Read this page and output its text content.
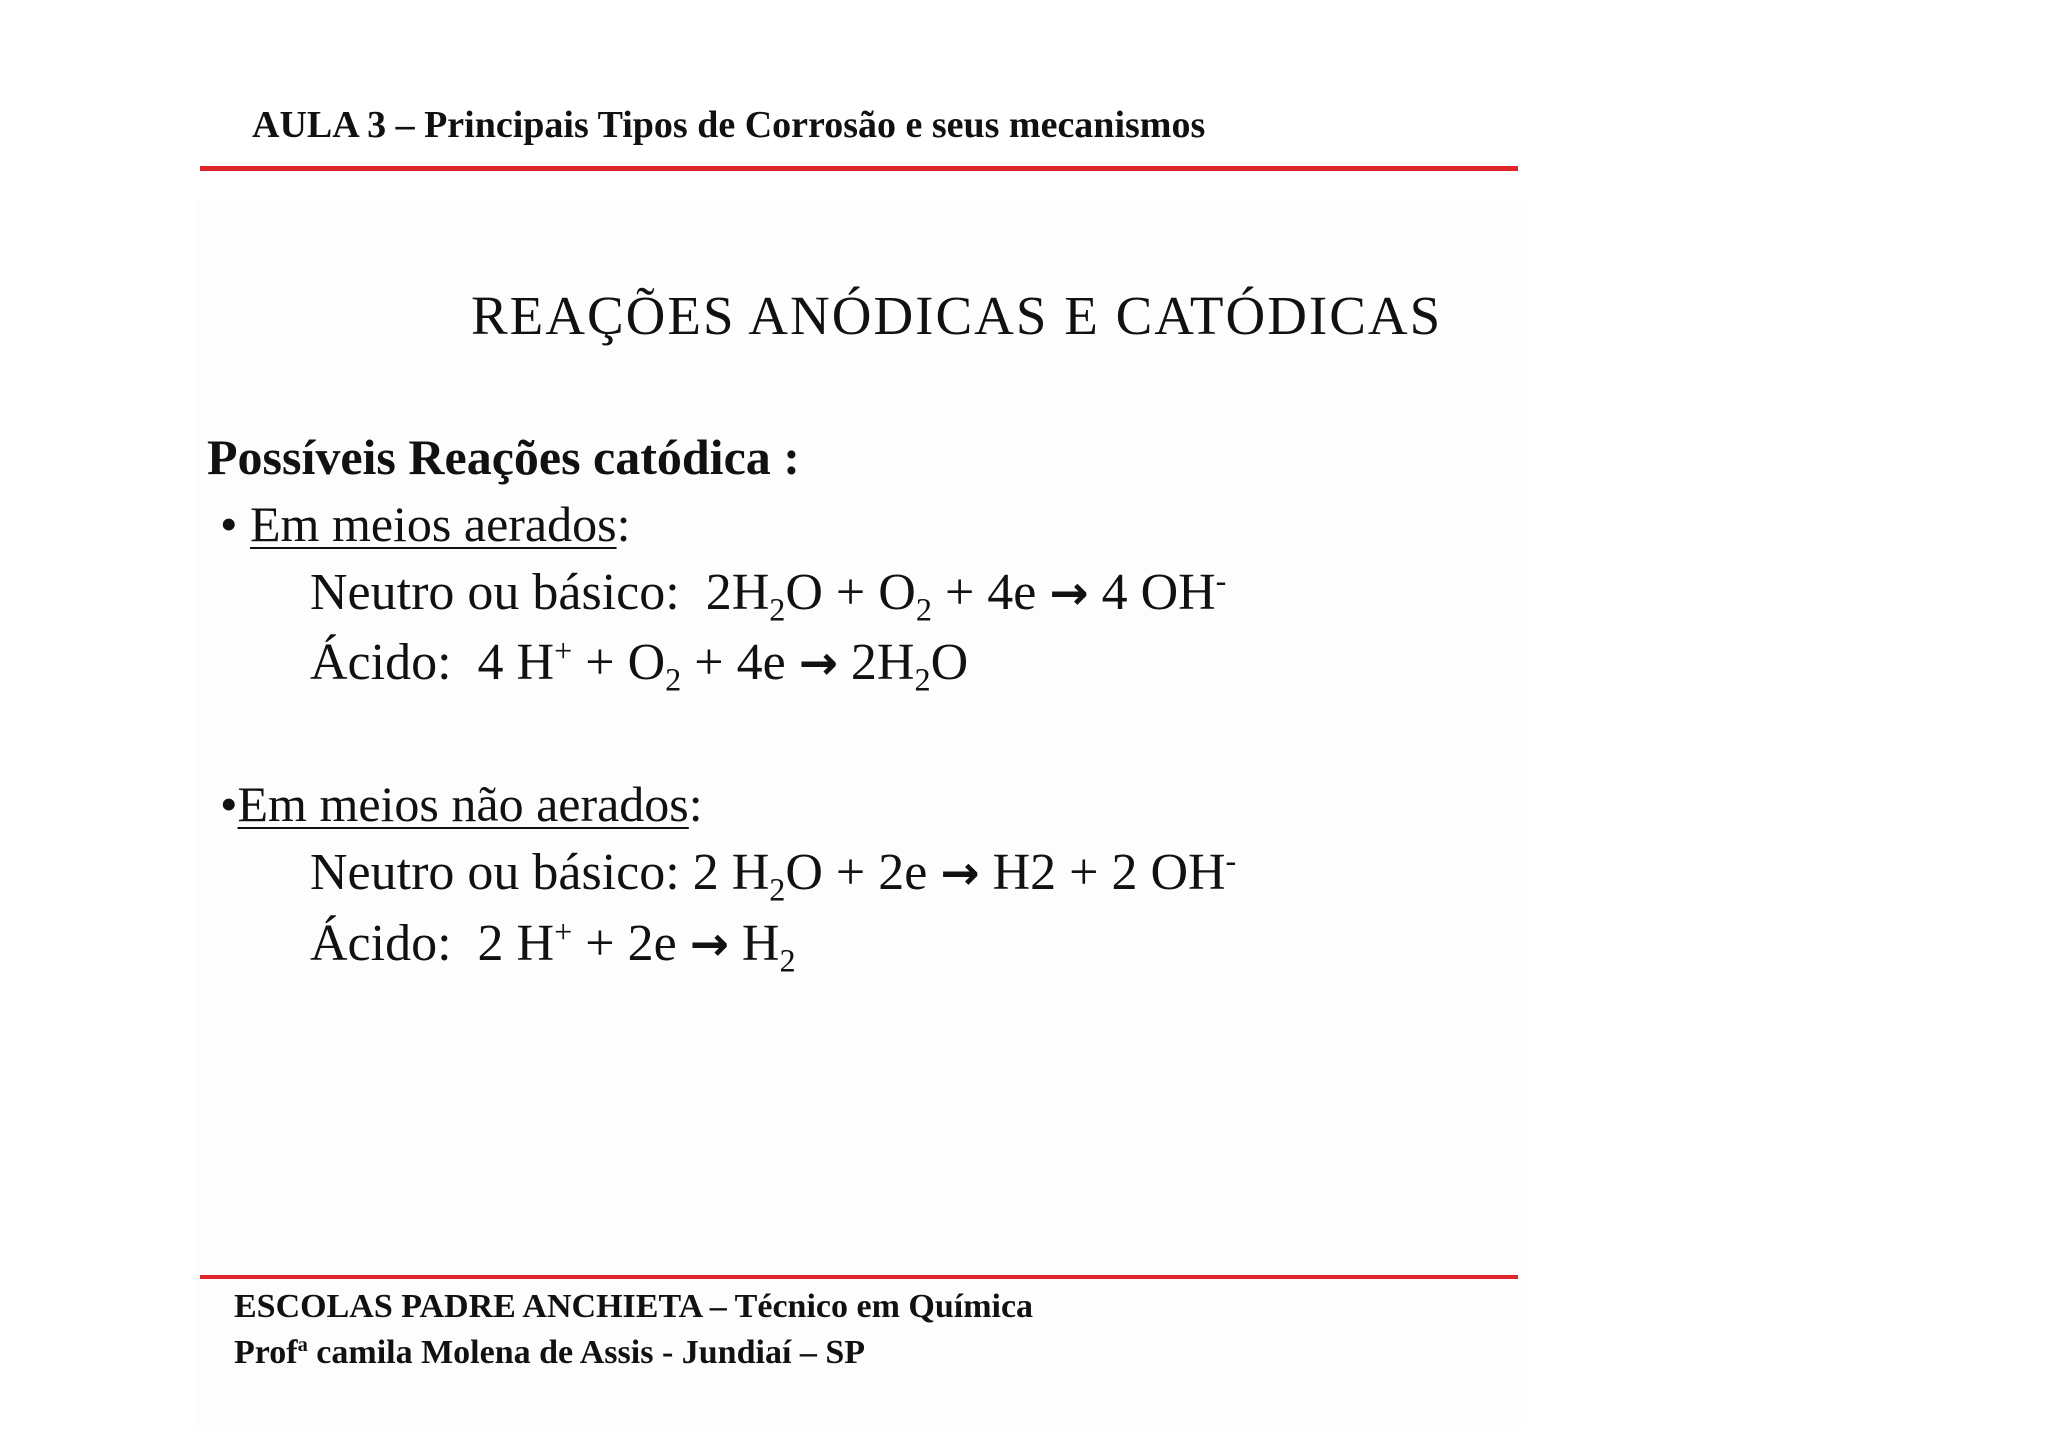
AULA 3 – Principais Tipos de Corrosão e seus mecanismos
REAÇÕES ANÓDICAS E CATÓDICAS
Possíveis Reações catódica :
• Em meios aerados:
Neutro ou básico: $2H_2O + O_2 + 4e \to 4$ OH-
Ácido: 4 $H^+ + O_2 + 4e \to 2H_2O$
•Em meios não aerados:
Neutro ou básico: 2 $H_2O + 2e \to H2 + 2$ OH-
Ácido: 2 $H^+ + 2e \to H_2$
ESCOLAS PADRE ANCHIETA – Técnico em Química
Prof$^a$ camila Molena de Assis - Jundiaí – SP
